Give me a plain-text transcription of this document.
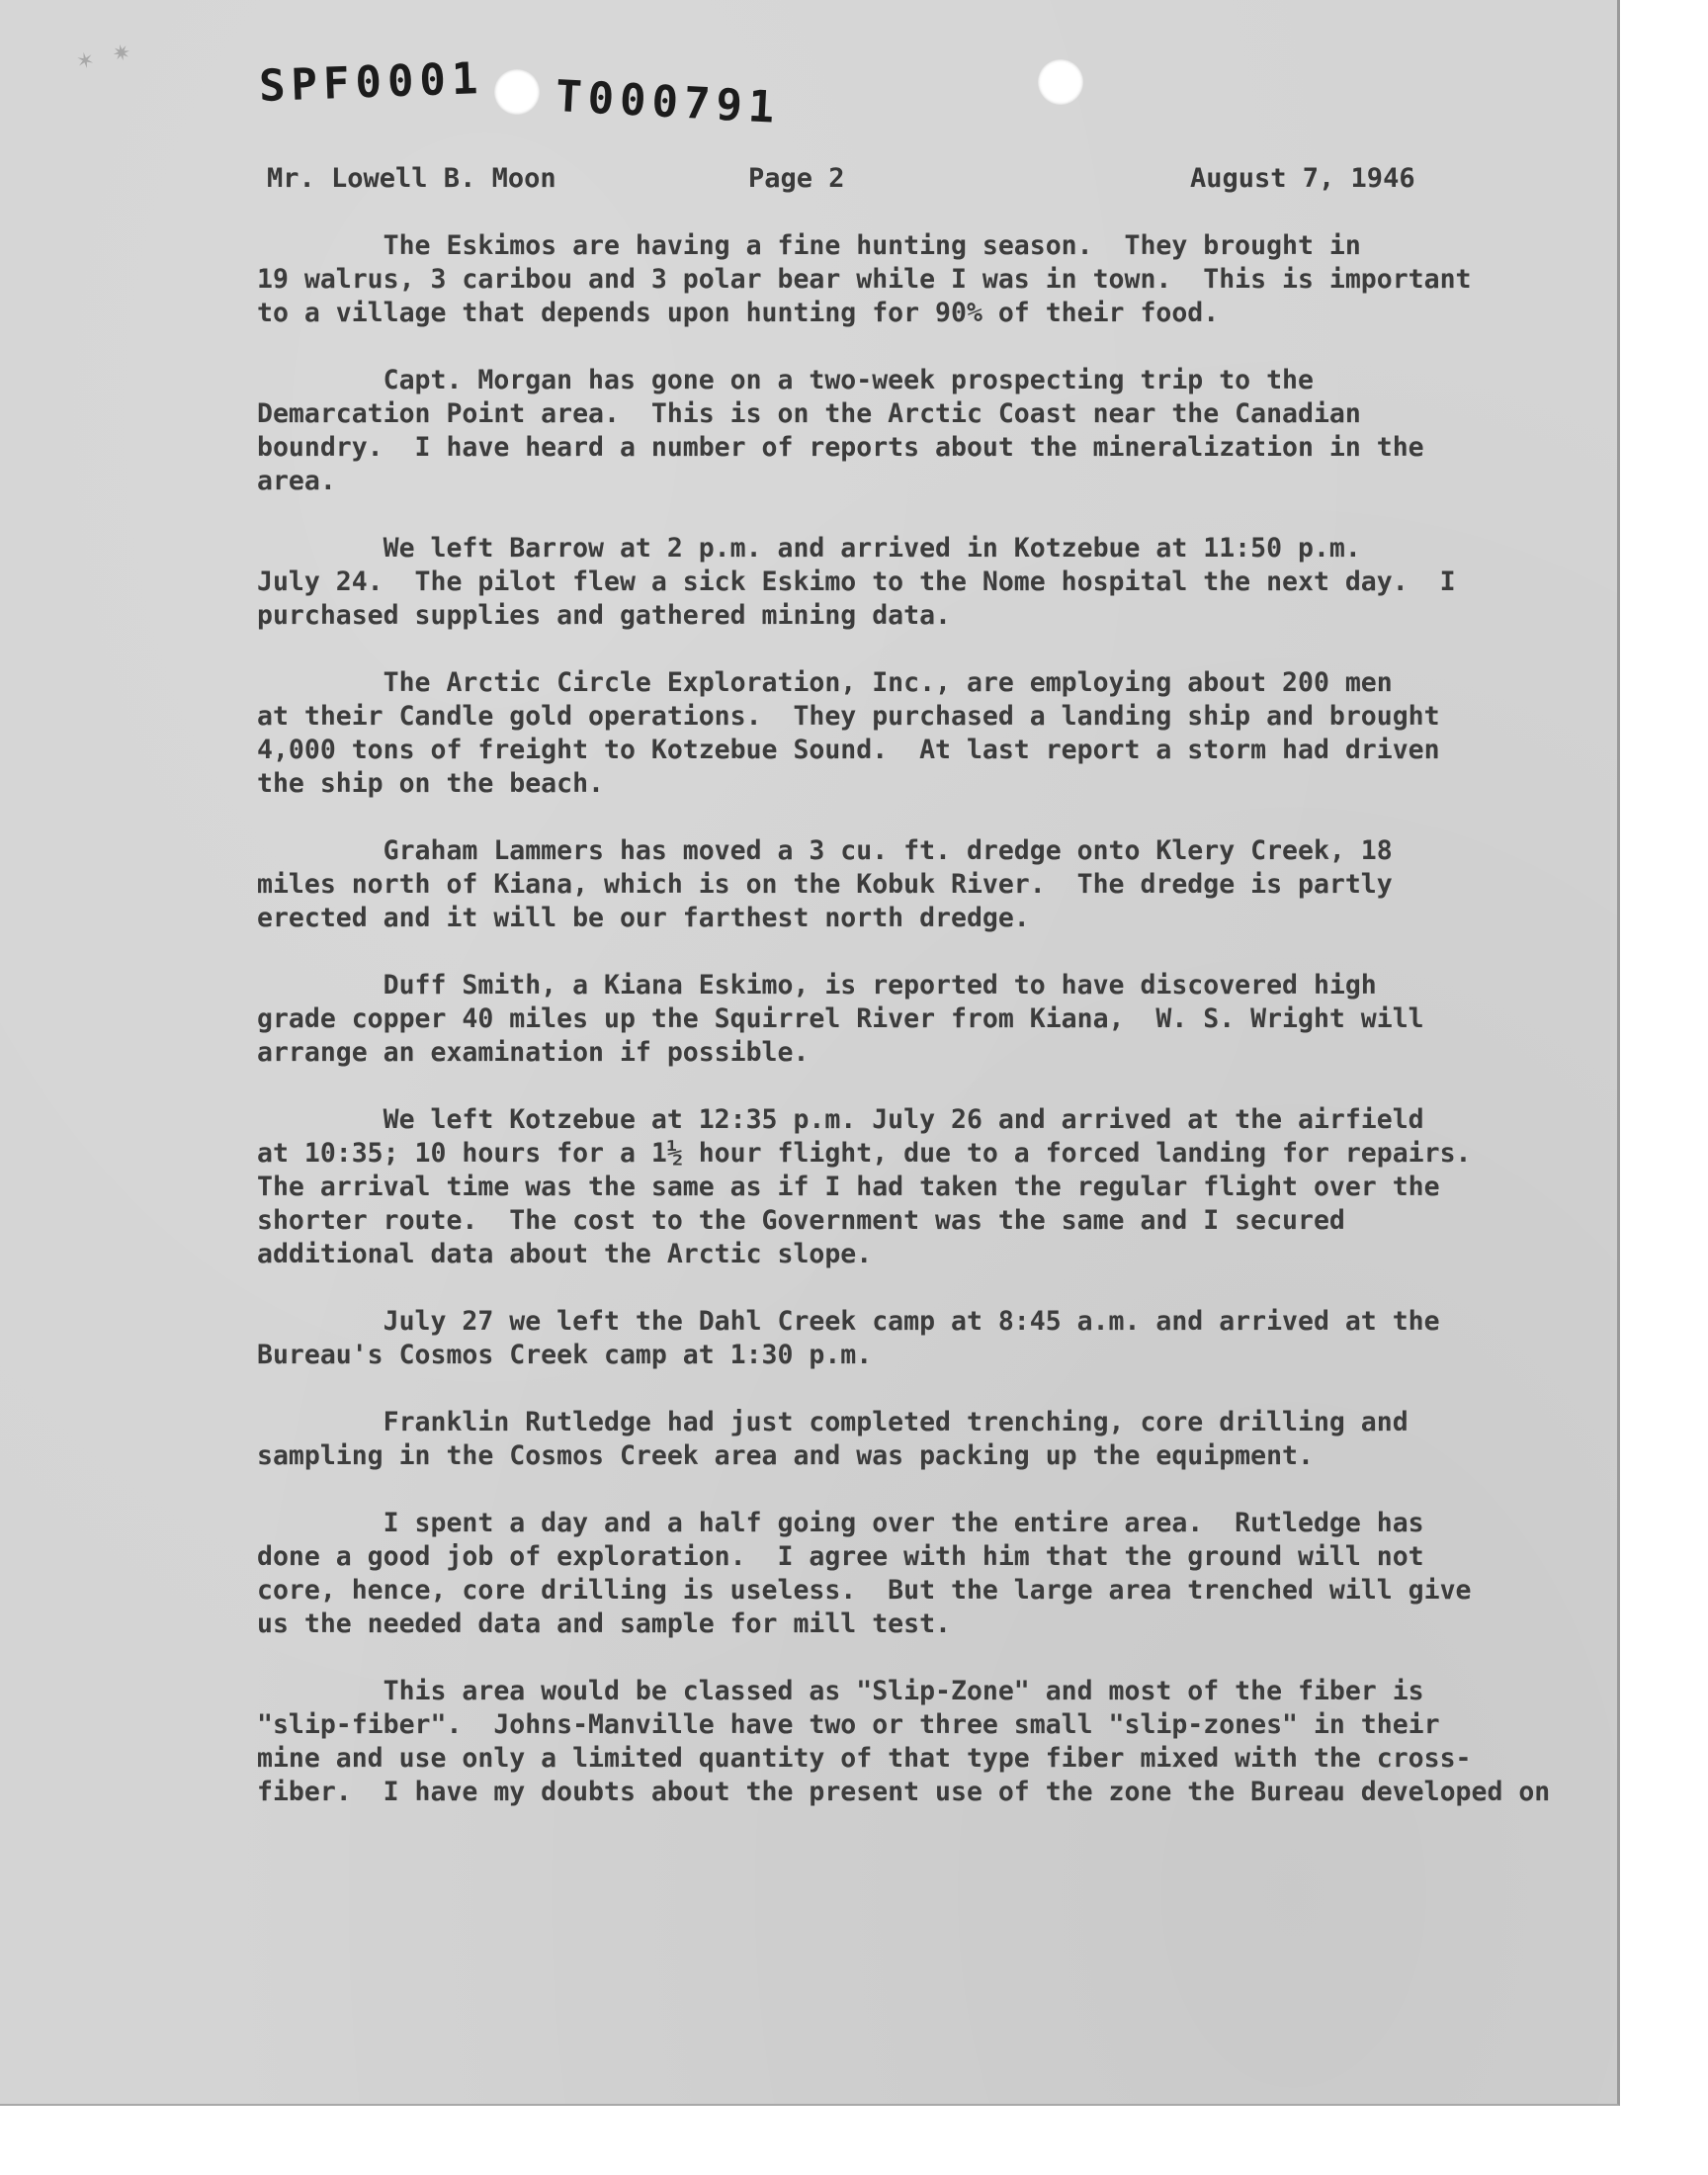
✶ ✷	SPF0001 T000791
Mr. Lowell B. Moon	Page 2	August 7, 1946

The Eskimos are having a fine hunting season.  They brought in
19 walrus, 3 caribou and 3 polar bear while I was in town.  This is important
to a village that depends upon hunting for 90% of their food.

Capt. Morgan has gone on a two-week prospecting trip to the
Demarcation Point area.  This is on the Arctic Coast near the Canadian
boundry.  I have heard a number of reports about the mineralization in the
area.

We left Barrow at 2 p.m. and arrived in Kotzebue at 11:50 p.m.
July 24.  The pilot flew a sick Eskimo to the Nome hospital the next day.  I
purchased supplies and gathered mining data.

The Arctic Circle Exploration, Inc., are employing about 200 men
at their Candle gold operations.  They purchased a landing ship and brought
4,000 tons of freight to Kotzebue Sound.  At last report a storm had driven
the ship on the beach.

Graham Lammers has moved a 3 cu. ft. dredge onto Klery Creek, 18
miles north of Kiana, which is on the Kobuk River.  The dredge is partly
erected and it will be our farthest north dredge.

Duff Smith, a Kiana Eskimo, is reported to have discovered high
grade copper 40 miles up the Squirrel River from Kiana,  W. S. Wright will
arrange an examination if possible.

We left Kotzebue at 12:35 p.m. July 26 and arrived at the airfield
at 10:35; 10 hours for a 1½ hour flight, due to a forced landing for repairs.
The arrival time was the same as if I had taken the regular flight over the
shorter route.  The cost to the Government was the same and I secured
additional data about the Arctic slope.

July 27 we left the Dahl Creek camp at 8:45 a.m. and arrived at the
Bureau's Cosmos Creek camp at 1:30 p.m.

Franklin Rutledge had just completed trenching, core drilling and
sampling in the Cosmos Creek area and was packing up the equipment.

I spent a day and a half going over the entire area.  Rutledge has
done a good job of exploration.  I agree with him that the ground will not
core, hence, core drilling is useless.  But the large area trenched will give
us the needed data and sample for mill test.

This area would be classed as "Slip-Zone" and most of the fiber is
"slip-fiber".  Johns-Manville have two or three small "slip-zones" in their
mine and use only a limited quantity of that type fiber mixed with the cross-
fiber.  I have my doubts about the present use of the zone the Bureau developed on
